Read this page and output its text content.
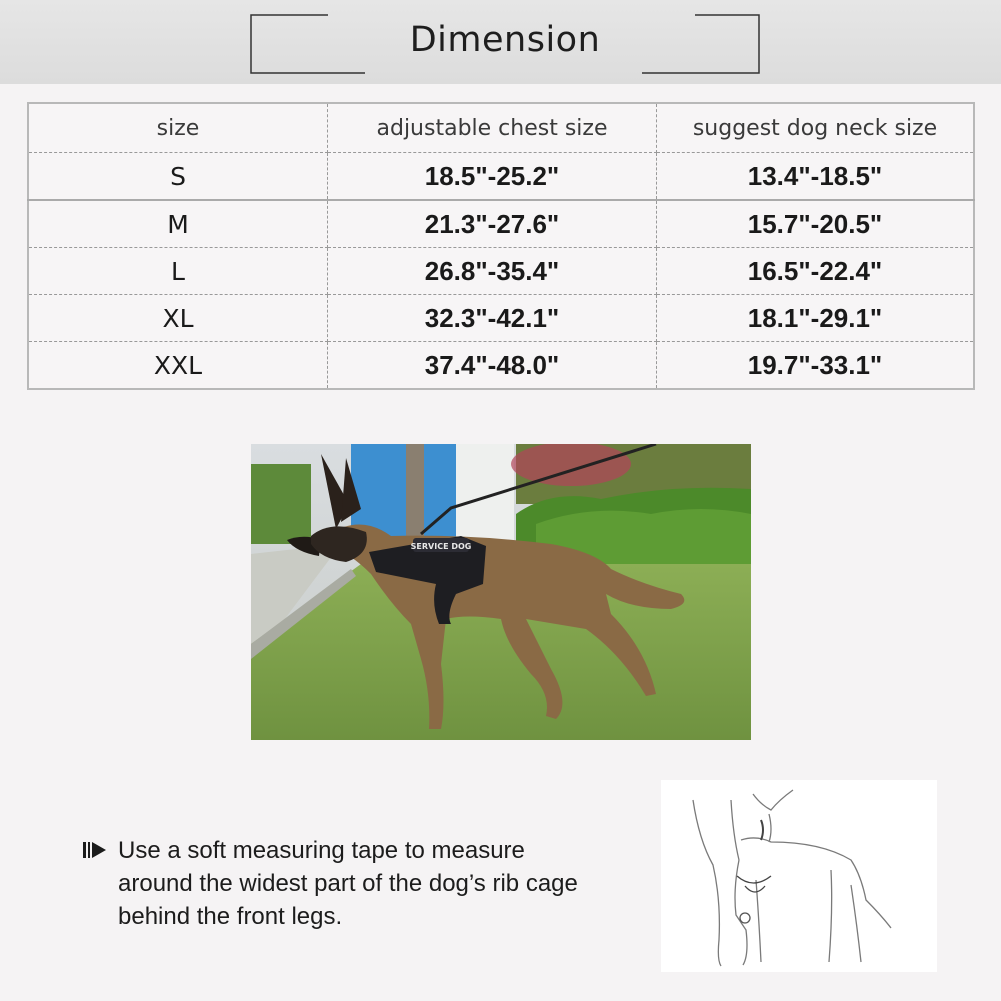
Dimension
size	adjustable chest size	suggest dog neck size
S	18.5"-25.2"	13.4"-18.5"
M	21.3"-27.6"	15.7"-20.5"
L	26.8"-35.4"	16.5"-22.4"
XL	32.3"-42.1"	18.1"-29.1"
XXL	37.4"-48.0"	19.7"-33.1"
SERVICE DOG
Use a soft measuring tape to measure around the widest part of the dog’s rib cage behind the front legs.
